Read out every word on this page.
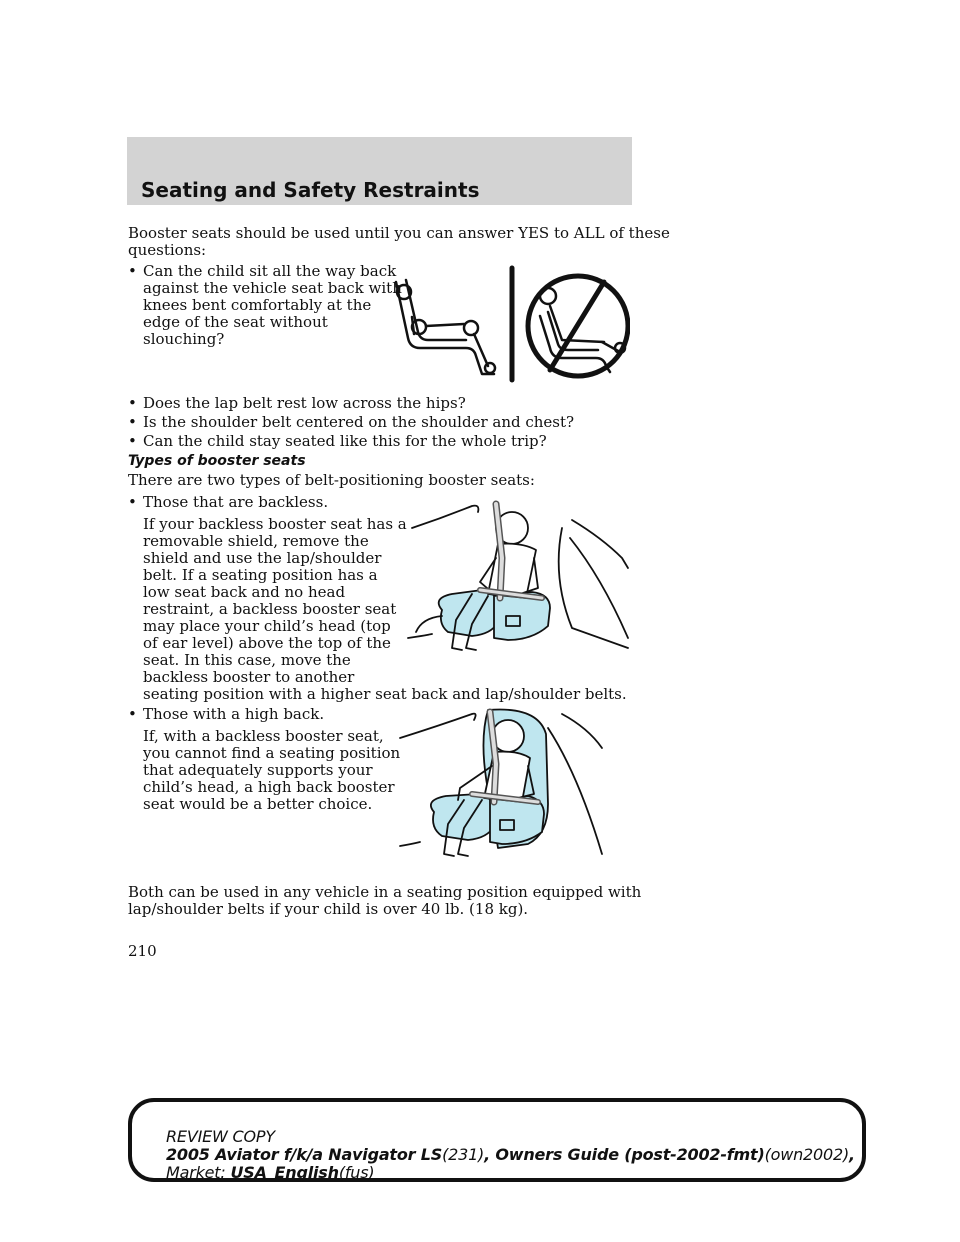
Seating and Safety Restraints

Booster seats should be used until you can answer YES to ALL of these

questions:

• Can the child sit all the way back

against the vehicle seat back with

knees bent comfortably at the

edge of the seat without

slouching?

• Does the lap belt rest low across the hips?

• Is the shoulder belt centered on the shoulder and chest?

• Can the child stay seated like this for the whole trip?

Types of booster seats

There are two types of belt-positioning booster seats:

• Those that are backless.

If your backless booster seat has a

removable shield, remove the

shield and use the lap/shoulder

belt. If a seating position has a

low seat back and no head

restraint, a backless booster seat

may place your child’s head (top

of ear level) above the top of the

seat. In this case, move the

backless booster to another

seating position with a higher seat back and lap/shoulder belts.

• Those with a high back.

If, with a backless booster seat,

you cannot find a seating position

that adequately supports your

child’s head, a high back booster

seat would be a better choice.

Both can be used in any vehicle in a seating position equipped with

lap/shoulder belts if your child is over 40 lb. (18 kg).

210
REVIEW COPY
2005 Aviator f/k/a Navigator LS(231), Owners Guide (post-2002-fmt)(own2002),
Market: USA_English(fus)
